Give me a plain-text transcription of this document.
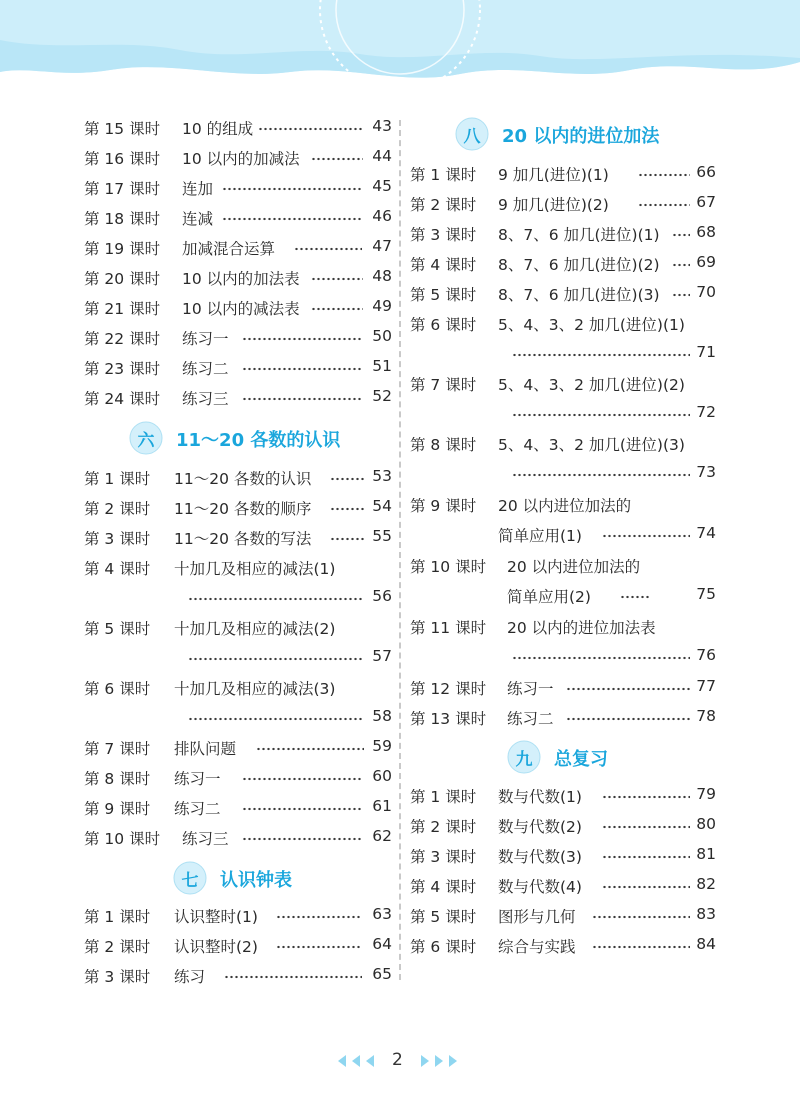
第 15 课时 10 的组成	43
第 16 课时 10 以内的加减法	44
第 17 课时 连加	45
第 18 课时 连减	46
第 19 课时 加减混合运算	47
第 20 课时 10 以内的加法表	48
第 21 课时 10 以内的减法表	49
第 22 课时 练习一	50
第 23 课时 练习二	51
第 24 课时 练习三	52
六 11～20 各数的认识
第 1 课时 11～20 各数的认识	53
第 2 课时 11～20 各数的顺序	54
第 3 课时 11～20 各数的写法	55
第 4 课时 十加几及相应的减法(1)
56
第 5 课时 十加几及相应的减法(2)
57
第 6 课时 十加几及相应的减法(3)
58
第 7 课时 排队问题	59
第 8 课时 练习一	60
第 9 课时 练习二	61
第 10 课时 练习三	62
七 认识钟表
第 1 课时 认识整时(1)	63
第 2 课时 认识整时(2)	64
第 3 课时 练习	65
八 20 以内的进位加法
第 1 课时 9 加几(进位)(1)	66
第 2 课时 9 加几(进位)(2)	67
第 3 课时 8、7、6 加几(进位)(1) 68
第 4 课时 8、7、6 加几(进位)(2) 69
第 5 课时 8、7、6 加几(进位)(3) 70
第 6 课时 5、4、3、2 加几(进位)(1)
71
第 7 课时 5、4、3、2 加几(进位)(2)
72
第 8 课时 5、4、3、2 加几(进位)(3)
73
第 9 课时 20 以内进位加法的
简单应用(1)	74
第 10 课时 20 以内进位加法的
简单应用(2)	75
第 11 课时 20 以内的进位加法表
76
第 12 课时 练习一	77
第 13 课时 练习二	78
九 总复习
第 1 课时 数与代数(1)	79
第 2 课时 数与代数(2)	80
第 3 课时 数与代数(3)	81
第 4 课时 数与代数(4)	82
第 5 课时 图形与几何	83
第 6 课时 综合与实践	84
2
